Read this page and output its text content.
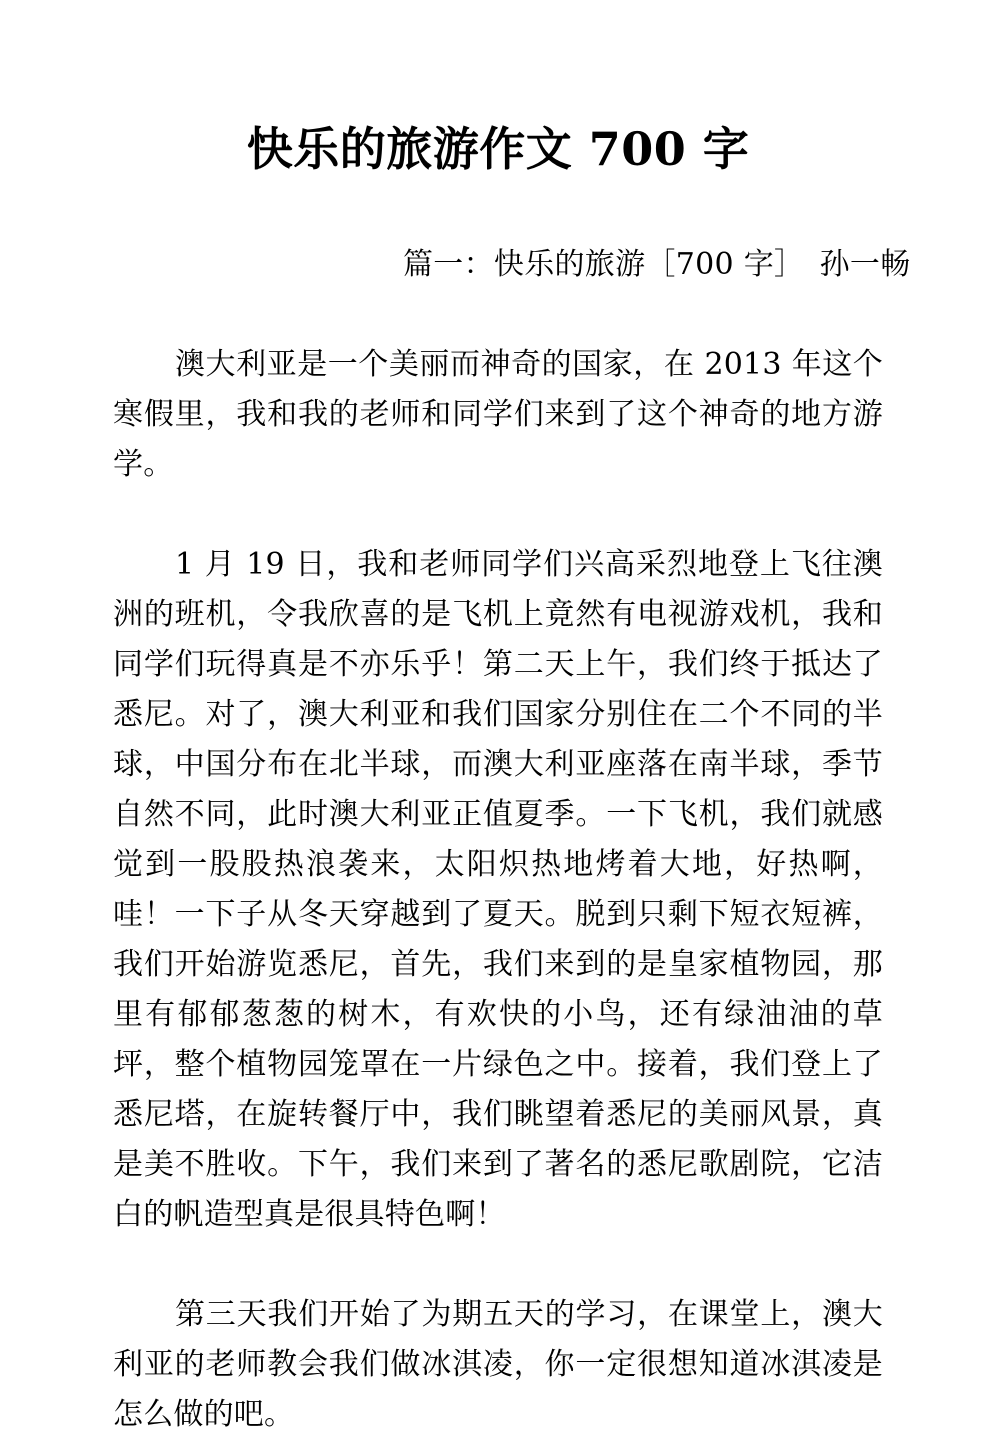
快乐的旅游作文 700 字

篇一：快乐的旅游［700 字］　孙一畅

澳大利亚是一个美丽而神奇的国家，在 2013 年这个寒假里，我和我的老师和同学们来到了这个神奇的地方游学。

1 月 19 日，我和老师同学们兴高采烈地登上飞往澳洲的班机，令我欣喜的是飞机上竟然有电视游戏机，我和同学们玩得真是不亦乐乎！第二天上午，我们终于抵达了悉尼。对了，澳大利亚和我们国家分别住在二个不同的半球，中国分布在北半球，而澳大利亚座落在南半球，季节自然不同，此时澳大利亚正值夏季。一下飞机，我们就感觉到一股股热浪袭来，太阳炽热地烤着大地，好热啊，哇！一下子从冬天穿越到了夏天。脱到只剩下短衣短裤，我们开始游览悉尼，首先，我们来到的是皇家植物园，那里有郁郁葱葱的树木，有欢快的小鸟，还有绿油油的草坪，整个植物园笼罩在一片绿色之中。接着，我们登上了悉尼塔，在旋转餐厅中，我们眺望着悉尼的美丽风景，真是美不胜收。下午，我们来到了著名的悉尼歌剧院，它洁白的帆造型真是很具特色啊！

第三天我们开始了为期五天的学习，在课堂上，澳大利亚的老师教会我们做冰淇凌，你一定很想知道冰淇凌是怎么做的吧。
